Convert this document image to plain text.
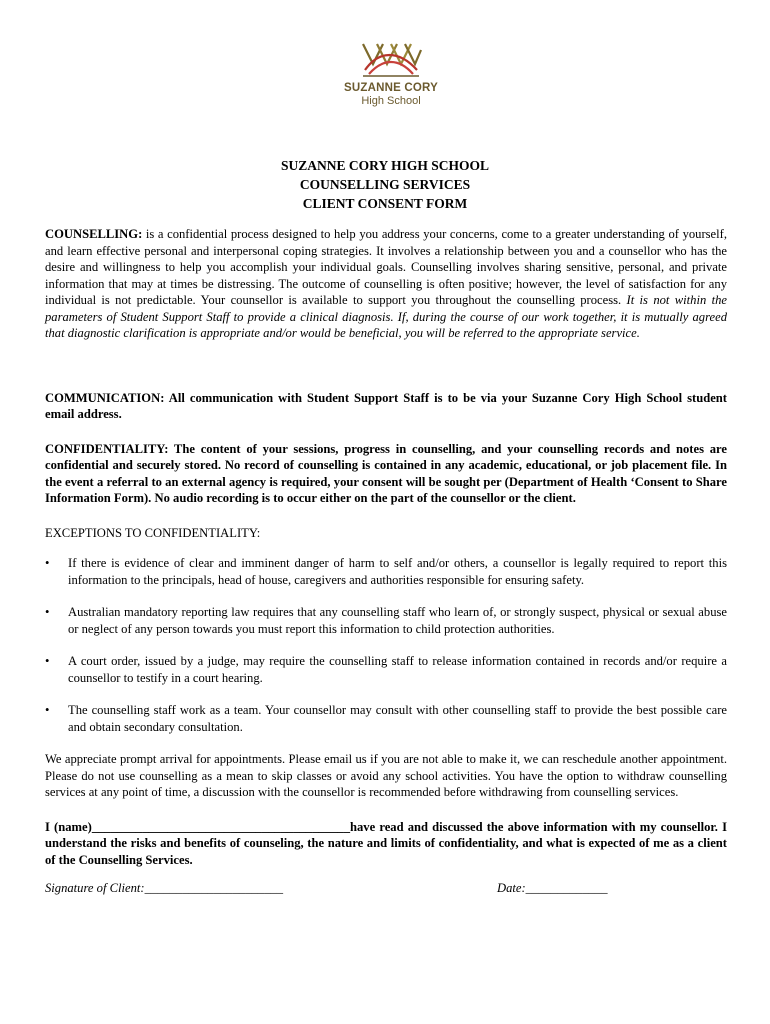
SUZANNE CORY
High School
SUZANNE CORY HIGH SCHOOL
COUNSELLING SERVICES
CLIENT CONSENT FORM

COUNSELLING: is a confidential process designed to help you address your concerns, come to a greater understanding of yourself, and learn effective personal and interpersonal coping strategies. It involves a relationship between you and a counsellor who has the desire and willingness to help you accomplish your individual goals. Counselling involves sharing sensitive, personal, and private information that may at times be distressing. The outcome of counselling is often positive; however, the level of satisfaction for any individual is not predictable. Your counsellor is available to support you throughout the counselling process. It is not within the parameters of Student Support Staff to provide a clinical diagnosis. If, during the course of our work together, it is mutually agreed that diagnostic clarification is appropriate and/or would be beneficial, you will be referred to the appropriate service.

COMMUNICATION: All communication with Student Support Staff is to be via your Suzanne Cory High School student email address.

CONFIDENTIALITY: The content of your sessions, progress in counselling, and your counselling records and notes are confidential and securely stored. No record of counselling is contained in any academic, educational, or job placement file. In the event a referral to an external agency is required, your consent will be sought per (Department of Health ‘Consent to Share Information Form). No audio recording is to occur either on the part of the counsellor or the client.

EXCEPTIONS TO CONFIDENTIALITY:

• If there is evidence of clear and imminent danger of harm to self and/or others, a counsellor is legally required to report this information to the principals, head of house, caregivers and authorities responsible for ensuring safety.
• Australian mandatory reporting law requires that any counselling staff who learn of, or strongly suspect, physical or sexual abuse or neglect of any person towards you must report this information to child protection authorities.
• A court order, issued by a judge, may require the counselling staff to release information contained in records and/or require a counsellor to testify in a court hearing.
• The counselling staff work as a team. Your counsellor may consult with other counselling staff to provide the best possible care and obtain secondary consultation.

We appreciate prompt arrival for appointments. Please email us if you are not able to make it, we can reschedule another appointment. Please do not use counselling as a mean to skip classes or avoid any school activities. You have the option to withdraw counselling services at any point of time, a discussion with the counsellor is recommended before withdrawing from counselling services.

I (name)_________________________________________have read and discussed the above information with my counsellor. I understand the risks and benefits of counseling, the nature and limits of confidentiality, and what is expected of me as a client of the Counselling Services.

Signature of Client:______________________	Date:_____________
